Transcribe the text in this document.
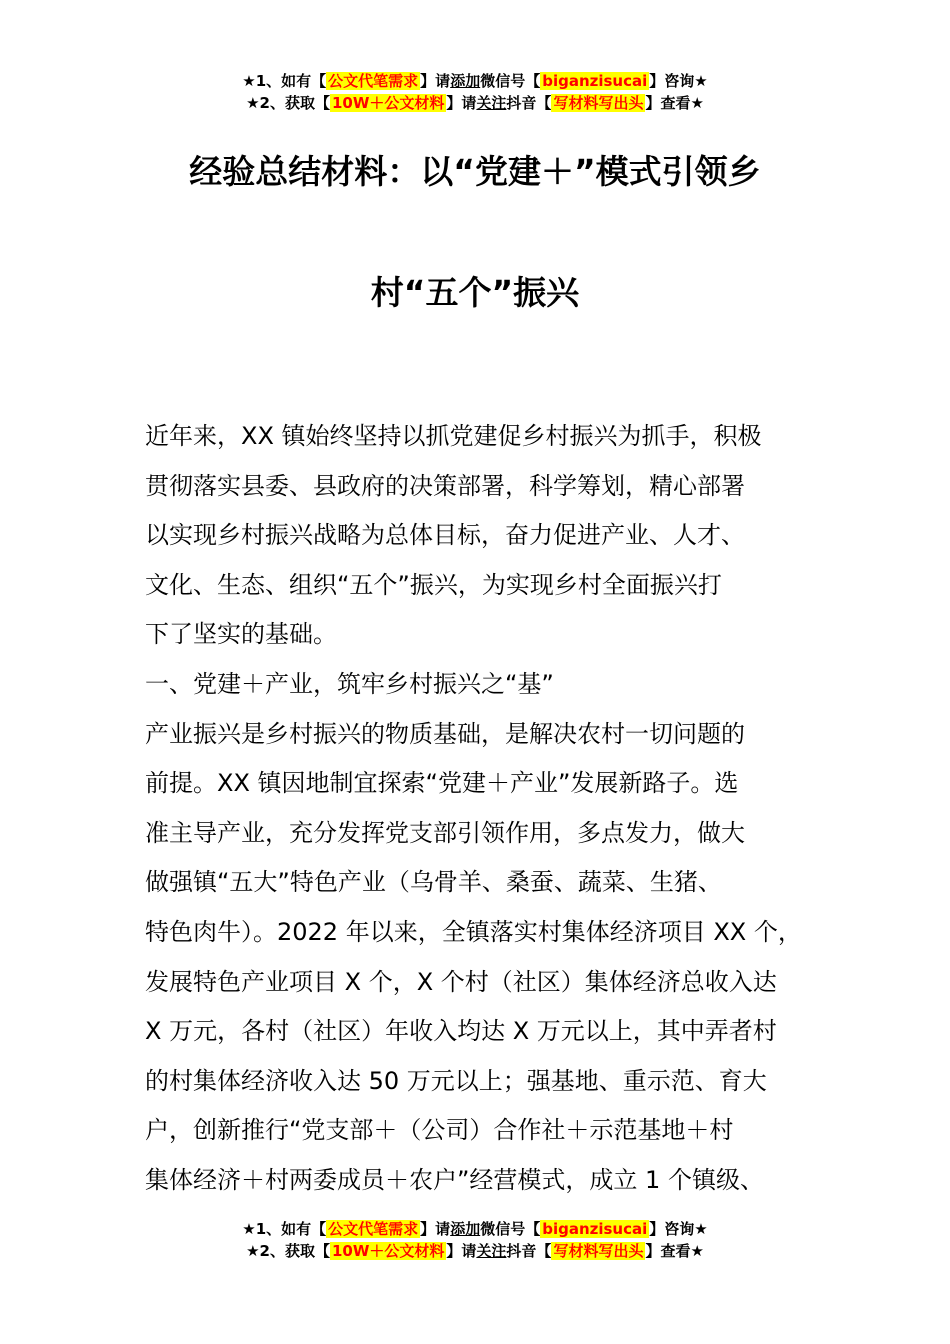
★1、如有【 公文代笔需求 】请添加微信号【 biganzisucai 】咨询★
★2、获取【 10W＋公文材料 】请关注抖音【 写材料写出头 】查看★
经验总结材料：以“党建＋”模式引领乡
村“五个”振兴
近年来，XX 镇始终坚持以抓党建促乡村振兴为抓手，积极
贯彻落实县委、县政府的决策部署，科学筹划，精心部署
以实现乡村振兴战略为总体目标，奋力促进产业、人才、
文化、生态、组织“五个”振兴，为实现乡村全面振兴打
下了坚实的基础。
一、党建＋产业，筑牢乡村振兴之“基”
产业振兴是乡村振兴的物质基础，是解决农村一切问题的
前提。XX 镇因地制宜探索“党建＋产业”发展新路子。选
准主导产业，充分发挥党支部引领作用，多点发力，做大
做强镇“五大”特色产业（乌骨羊、桑蚕、蔬菜、生猪、
特色肉牛）。2022 年以来，全镇落实村集体经济项目 XX 个，
发展特色产业项目 X 个，X 个村（社区）集体经济总收入达
X 万元，各村（社区）年收入均达 X 万元以上，其中弄者村
的村集体经济收入达 50 万元以上；强基地、重示范、育大
户，创新推行“党支部＋（公司）合作社＋示范基地＋村
集体经济＋村两委成员＋农户”经营模式，成立 1 个镇级、
★1、如有【 公文代笔需求 】请添加微信号【 biganzisucai 】咨询★
★2、获取【 10W＋公文材料 】请关注抖音【 写材料写出头 】查看★
